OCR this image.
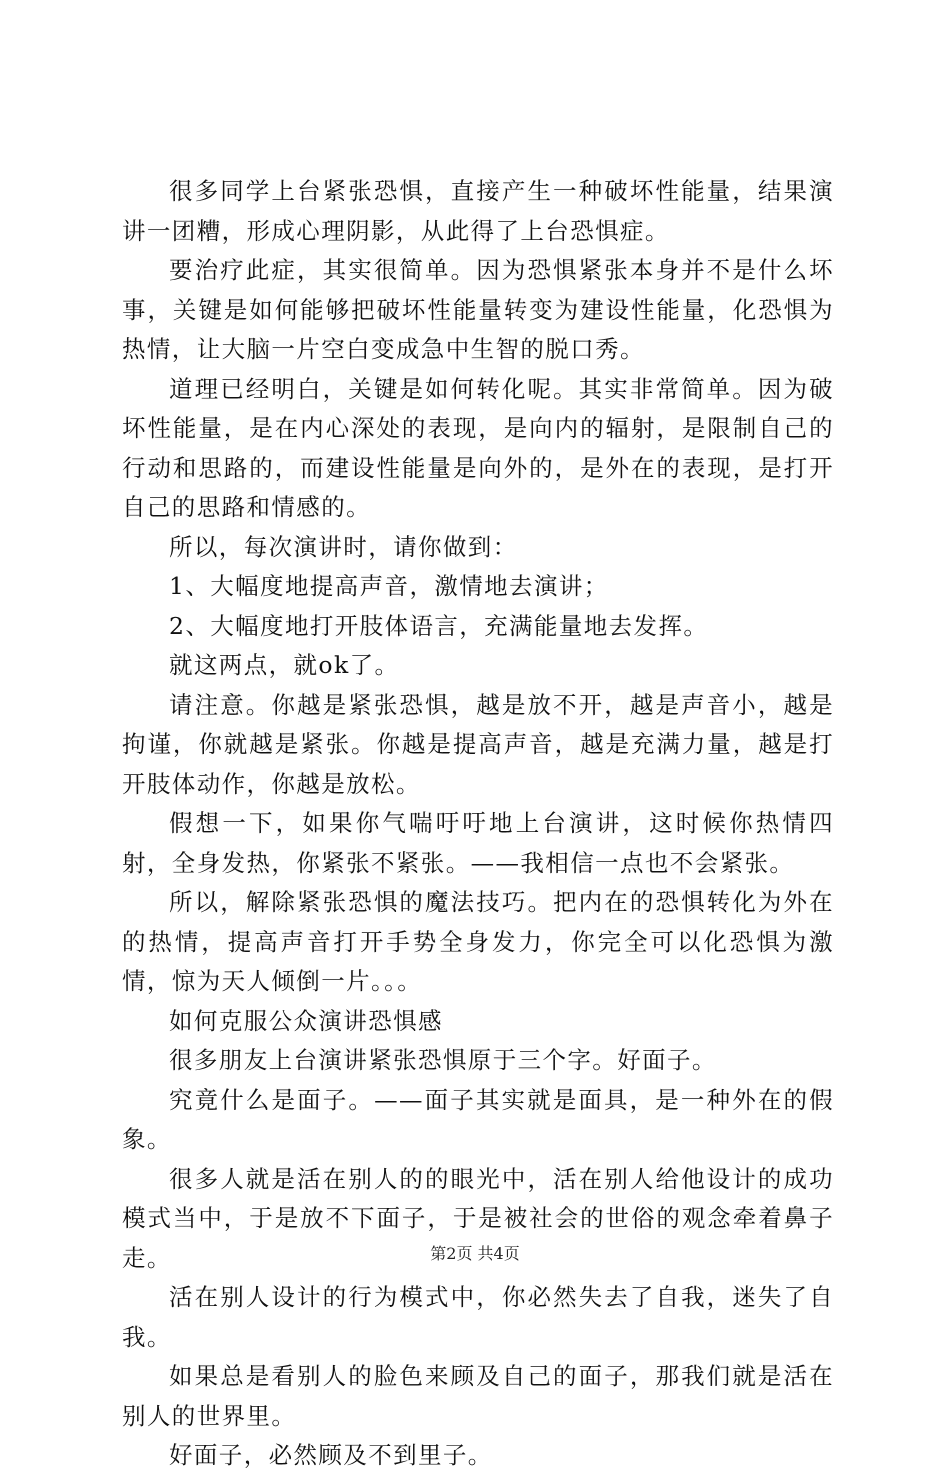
很多同学上台紧张恐惧，直接产生一种破坏性能量，结果演讲一团糟，形成心理阴影，从此得了上台恐惧症。

要治疗此症，其实很简单。因为恐惧紧张本身并不是什么坏事，关键是如何能够把破坏性能量转变为建设性能量，化恐惧为热情，让大脑一片空白变成急中生智的脱口秀。

道理已经明白，关键是如何转化呢。其实非常简单。因为破坏性能量，是在内心深处的表现，是向内的辐射，是限制自己的行动和思路的，而建设性能量是向外的，是外在的表现，是打开自己的思路和情感的。

所以，每次演讲时，请你做到：

1、大幅度地提高声音，激情地去演讲；

2、大幅度地打开肢体语言，充满能量地去发挥。

就这两点，就ok了。

请注意。你越是紧张恐惧，越是放不开，越是声音小，越是拘谨，你就越是紧张。你越是提高声音，越是充满力量，越是打开肢体动作，你越是放松。

假想一下，如果你气喘吁吁地上台演讲，这时候你热情四射，全身发热，你紧张不紧张。——我相信一点也不会紧张。

所以，解除紧张恐惧的魔法技巧。把内在的恐惧转化为外在的热情，提高声音打开手势全身发力，你完全可以化恐惧为激情，惊为天人倾倒一片。。。

如何克服公众演讲恐惧感

很多朋友上台演讲紧张恐惧原于三个字。好面子。

究竟什么是面子。——面子其实就是面具，是一种外在的假象。

很多人就是活在别人的的眼光中，活在别人给他设计的成功模式当中，于是放不下面子，于是被社会的世俗的观念牵着鼻子走。

活在别人设计的行为模式中，你必然失去了自我，迷失了自我。

如果总是看别人的脸色来顾及自己的面子，那我们就是活在别人的世界里。

好面子，必然顾及不到里子。

第2页 共4页
